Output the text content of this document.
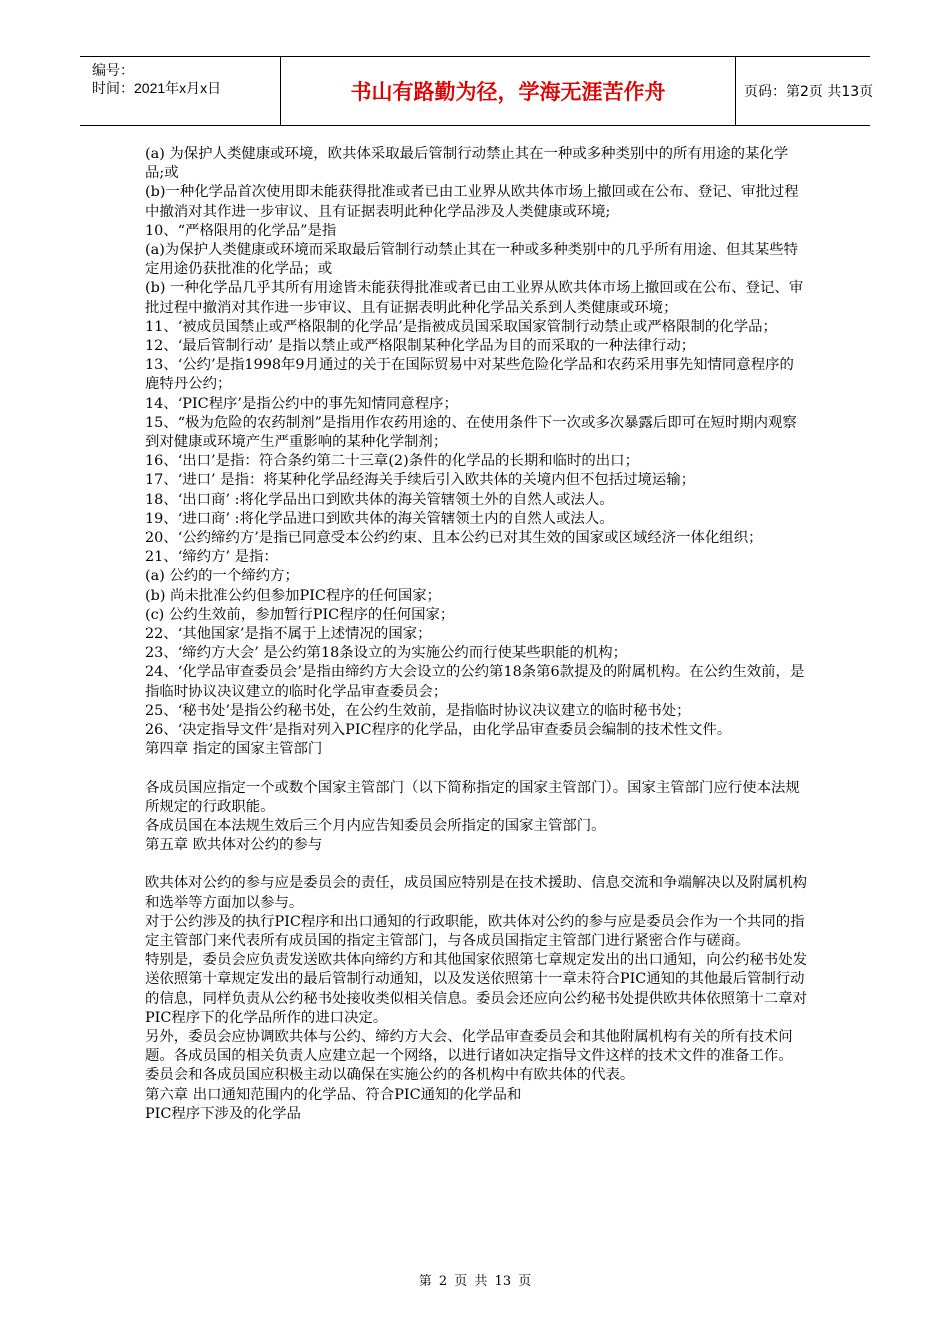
编号：
时间：2021年x月x日	书山有路勤为径，学海无涯苦作舟	页码：第2页 共13页

(a) 为保护人类健康或环境，欧共体采取最后管制行动禁止其在一种或多种类别中的所有用途的某化学品;或

(b)一种化学品首次使用即未能获得批准或者已由工业界从欧共体市场上撤回或在公布、登记、审批过程中撤消对其作进一步审议、且有证据表明此种化学品涉及人类健康或环境;

10、“严格限用的化学品”是指

(a)为保护人类健康或环境而采取最后管制行动禁止其在一种或多种类别中的几乎所有用途、但其某些特定用途仍获批准的化学品；或

(b) 一种化学品几乎其所有用途皆未能获得批准或者已由工业界从欧共体市场上撤回或在公布、登记、审批过程中撤消对其作进一步审议、且有证据表明此种化学品关系到人类健康或环境；

11、‘被成员国禁止或严格限制的化学品’是指被成员国采取国家管制行动禁止或严格限制的化学品；

12、‘最后管制行动’ 是指以禁止或严格限制某种化学品为目的而采取的一种法律行动；

13、‘公约’是指1998年9月通过的关于在国际贸易中对某些危险化学品和农药采用事先知情同意程序的鹿特丹公约；

14、‘PIC程序’是指公约中的事先知情同意程序；

15、“极为危险的农药制剂”是指用作农药用途的、在使用条件下一次或多次暴露后即可在短时期内观察到对健康或环境产生严重影响的某种化学制剂；

16、‘出口’是指：符合条约第二十三章(2)条件的化学品的长期和临时的出口；

17、‘进口’ 是指：将某种化学品经海关手续后引入欧共体的关境内但不包括过境运输；

18、‘出口商’ :将化学品出口到欧共体的海关管辖领土外的自然人或法人。

19、‘进口商’ :将化学品进口到欧共体的海关管辖领土内的自然人或法人。

20、‘公约缔约方’是指已同意受本公约约束、且本公约已对其生效的国家或区域经济一体化组织；

21、‘缔约方’ 是指：

(a) 公约的一个缔约方；

(b) 尚未批准公约但参加PIC程序的任何国家；

(c) 公约生效前，参加暂行PIC程序的任何国家；

22、‘其他国家’是指不属于上述情况的国家；

23、‘缔约方大会’ 是公约第18条设立的为实施公约而行使某些职能的机构；

24、‘化学品审查委员会’是指由缔约方大会设立的公约第18条第6款提及的附属机构。在公约生效前，是指临时协议决议建立的临时化学品审查委员会；

25、‘秘书处’是指公约秘书处，在公约生效前，是指临时协议决议建立的临时秘书处；

26、‘决定指导文件’是指对列入PIC程序的化学品，由化学品审查委员会编制的技术性文件。

第四章 指定的国家主管部门

各成员国应指定一个或数个国家主管部门（以下简称指定的国家主管部门）。国家主管部门应行使本法规所规定的行政职能。

各成员国在本法规生效后三个月内应告知委员会所指定的国家主管部门。

第五章 欧共体对公约的参与

欧共体对公约的参与应是委员会的责任，成员国应特别是在技术援助、信息交流和争端解决以及附属机构和选举等方面加以参与。

对于公约涉及的执行PIC程序和出口通知的行政职能，欧共体对公约的参与应是委员会作为一个共同的指定主管部门来代表所有成员国的指定主管部门，与各成员国指定主管部门进行紧密合作与磋商。

特别是，委员会应负责发送欧共体向缔约方和其他国家依照第七章规定发出的出口通知，向公约秘书处发送依照第十章规定发出的最后管制行动通知，以及发送依照第十一章未符合PIC通知的其他最后管制行动的信息，同样负责从公约秘书处接收类似相关信息。委员会还应向公约秘书处提供欧共体依照第十二章对PIC程序下的化学品所作的进口决定。

另外，委员会应协调欧共体与公约、缔约方大会、化学品审查委员会和其他附属机构有关的所有技术问题。各成员国的相关负责人应建立起一个网络，以进行诸如决定指导文件这样的技术文件的准备工作。

委员会和各成员国应积极主动以确保在实施公约的各机构中有欧共体的代表。

第六章 出口通知范围内的化学品、符合PIC通知的化学品和

PIC程序下涉及的化学品

第 2 页 共 13 页
